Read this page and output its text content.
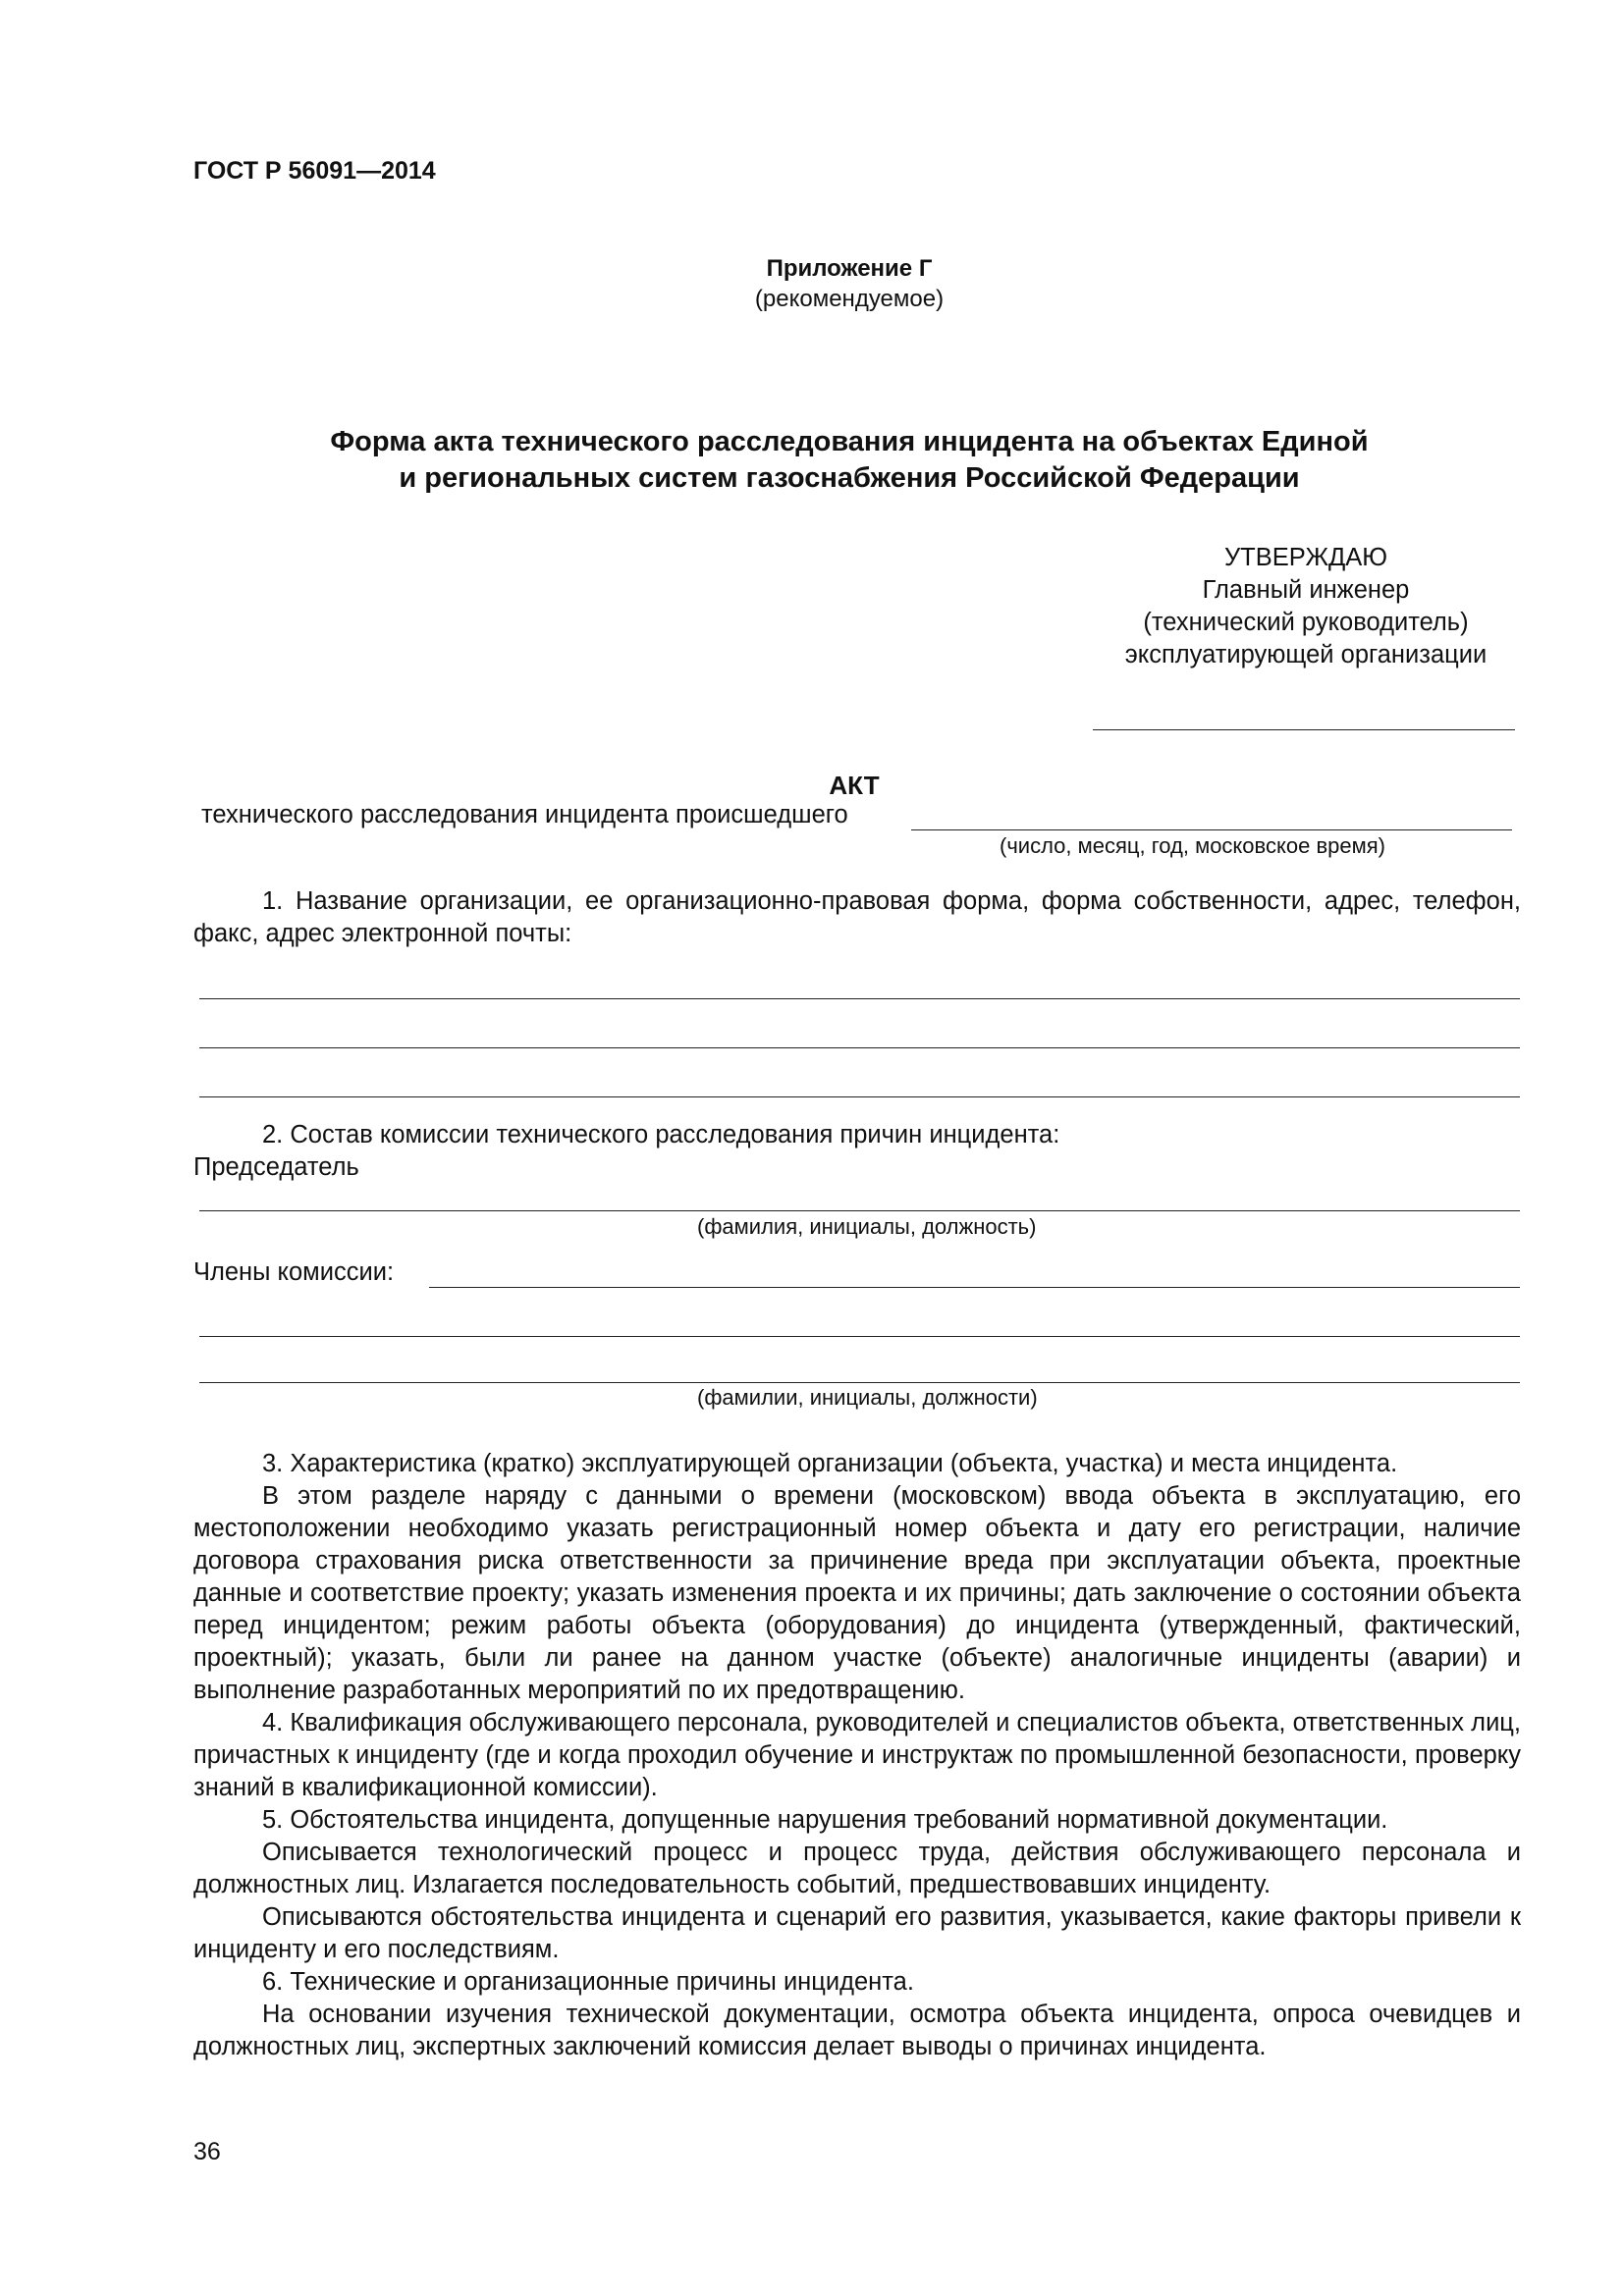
ГОСТ Р 56091—2014
Приложение Г
(рекомендуемое)
Форма акта технического расследования инцидента на объектах Единой
и региональных систем газоснабжения Российской Федерации
УТВЕРЖДАЮ
Главный инженер
(технический руководитель)
эксплуатирующей организации
АКТ
технического расследования инцидента происшедшего
(число, месяц, год, московское время)

1. Название организации, ее организационно-правовая форма, форма собственности, адрес, телефон, факс, адрес электронной почты:

2. Состав комиссии технического расследования причин инцидента:

Председатель

(фамилия, инициалы, должность)
Члены комиссии:
(фамилии, инициалы, должности)

3. Характеристика (кратко) эксплуатирующей организации (объекта, участка) и места инцидента.

В этом разделе наряду с данными о времени (московском) ввода объекта в эксплуатацию, его местоположении необходимо указать регистрационный номер объекта и дату его регистрации, наличие договора страхования риска ответственности за причинение вреда при эксплуатации объекта, проектные данные и соответствие проекту; указать изменения проекта и их причины; дать заключение о состоянии объекта перед инцидентом; режим работы объекта (оборудования) до инцидента (утвержденный, фактический, проектный); указать, были ли ранее на данном участке (объекте) аналогичные инциденты (аварии) и выполнение разработанных мероприятий по их предотвращению.

4. Квалификация обслуживающего персонала, руководителей и специалистов объекта, ответственных лиц, причастных к инциденту (где и когда проходил обучение и инструктаж по промышленной безопасности, проверку знаний в квалификационной комиссии).

5. Обстоятельства инцидента, допущенные нарушения требований нормативной документации.

Описывается технологический процесс и процесс труда, действия обслуживающего персонала и должностных лиц. Излагается последовательность событий, предшествовавших инциденту.

Описываются обстоятельства инцидента и сценарий его развития, указывается, какие факторы привели к инциденту и его последствиям.

6. Технические и организационные причины инцидента.

На основании изучения технической документации, осмотра объекта инцидента, опроса очевидцев и должностных лиц, экспертных заключений комиссия делает выводы о причинах инцидента.

36
